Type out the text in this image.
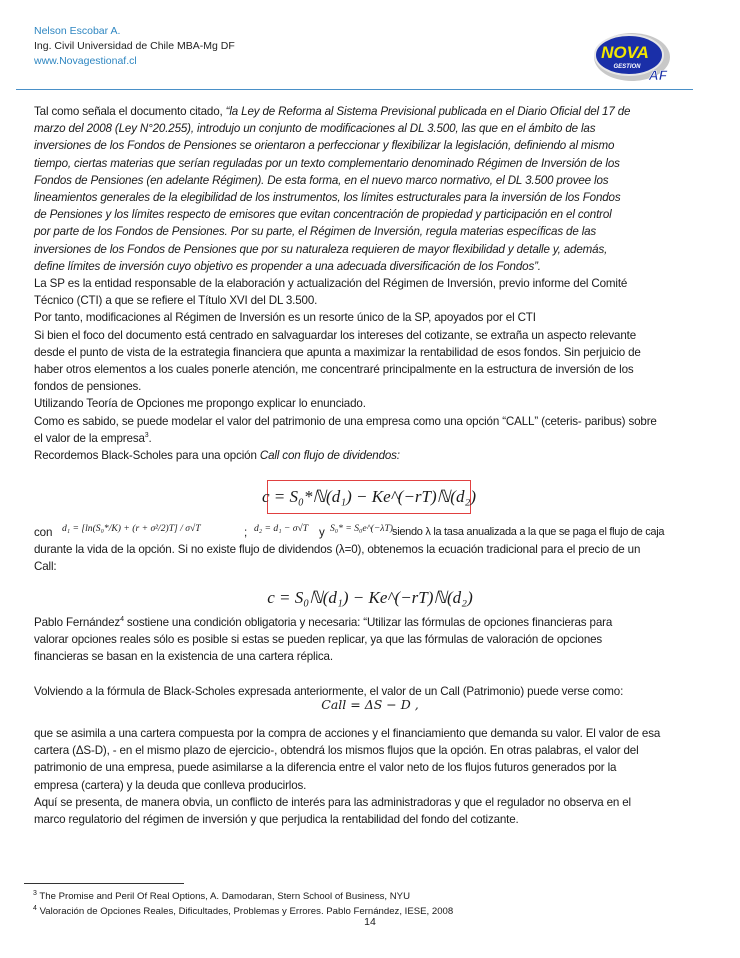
Nelson Escobar A.
Ing. Civil Universidad de Chile MBA-Mg DF
www.Novagestionaf.cl	NOVA
GESTION AF

Tal como señala el documento citado, “la Ley de Reforma al Sistema Previsional publicada en el Diario Oficial del 17 de

marzo del 2008 (Ley N°20.255), introdujo un conjunto de modificaciones al DL 3.500, las que en el ámbito de las

inversiones de los Fondos de Pensiones se orientaron a perfeccionar y flexibilizar la legislación, definiendo al mismo

tiempo, ciertas materias que serían reguladas por un texto complementario denominado Régimen de Inversión de los

Fondos de Pensiones (en adelante Régimen). De esta forma, en el nuevo marco normativo, el DL 3.500 provee los

lineamientos generales de la elegibilidad de los instrumentos, los límites estructurales para la inversión de los Fondos

de Pensiones y los límites respecto de emisores que evitan concentración de propiedad y participación en el control

por parte de los Fondos de Pensiones. Por su parte, el Régimen de Inversión, regula materias específicas de las

inversiones de los Fondos de Pensiones que por su naturaleza requieren de mayor flexibilidad y detalle y, además,

define límites de inversión cuyo objetivo es propender a una adecuada diversificación de los Fondos”.

La SP es la entidad responsable de la elaboración y actualización del Régimen de Inversión, previo informe del Comité

Técnico (CTI) a que se refiere el Título XVI del DL 3.500.

Por tanto, modificaciones al Régimen de Inversión es un resorte único de la SP, apoyados por el CTI

Si bien el foco del documento está centrado en salvaguardar los intereses del cotizante, se extraña un aspecto relevante

desde el punto de vista de la estrategia financiera que apunta a maximizar la rentabilidad de esos fondos. Sin perjuicio de

haber otros elementos a los cuales ponerle atención, me concentraré principalmente en la estructura de inversión de los

fondos de pensiones.

Utilizando Teoría de Opciones me propongo explicar lo enunciado.

Como es sabido, se puede modelar el valor del patrimonio de una empresa como una opción “CALL” (ceteris- paribus) sobre

el valor de la empresa$^3$.

Recordemos Black-Scholes para una opción Call con flujo de dividendos:

c = S₀*ℕ(d₁) − Ke^(−rT)ℕ(d₂)
con	d₁ = [ln(S₀*/K) + (r + σ²/2)T] / σ√T	; d₂ = d₁ − σ√T y S₀* = S₀e^(−λT) siendo λ la tasa anualizada a la que se paga el flujo de caja

durante la vida de la opción. Si no existe flujo de dividendos (λ=0), obtenemos la ecuación tradicional para el precio de un

Call:

c = S₀ℕ(d₁) − Ke^(−rT)ℕ(d₂)

Pablo Fernández$^4$ sostiene una condición obligatoria y necesaria: “Utilizar las fórmulas de opciones financieras para

valorar opciones reales sólo es posible si estas se pueden replicar, ya que las fórmulas de valoración de opciones

financieras se basan en la existencia de una cartera réplica.

Volviendo a la fórmula de Black-Scholes expresada anteriormente, el valor de un Call (Patrimonio) puede verse como:

Call = ΔS − D ,

que se asimila a una cartera compuesta por la compra de acciones y el financiamiento que demanda su valor. El valor de esa

cartera (ΔS-D), - en el mismo plazo de ejercicio-, obtendrá los mismos flujos que la opción. En otras palabras, el valor del

patrimonio de una empresa, puede asimilarse a la diferencia entre el valor neto de los flujos futuros generados por la

empresa (cartera) y la deuda que conlleva producirlos.

Aquí se presenta, de manera obvia, un conflicto de interés para las administradoras y que el regulador no observa en el

marco regulatorio del régimen de inversión y que perjudica la rentabilidad del fondo del cotizante.

$^3$ The Promise and Peril Of Real Options, A. Damodaran, Stern School of Business, NYU
$^4$ Valoración de Opciones Reales, Dificultades, Problemas y Errores. Pablo Fernández, IESE, 2008
14
